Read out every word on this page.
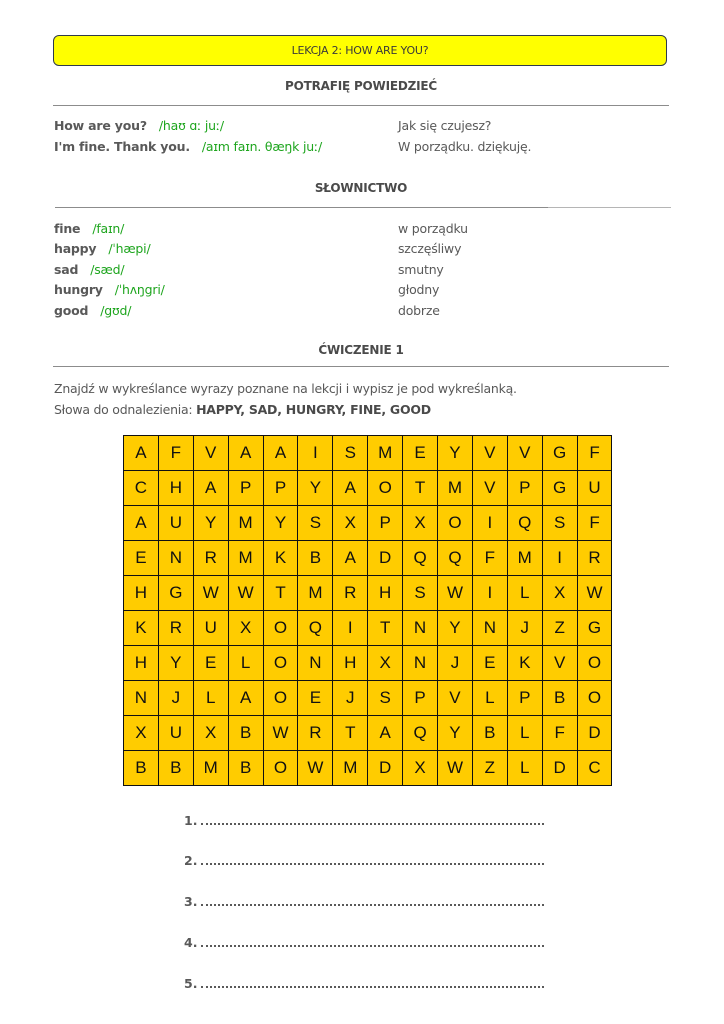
LEKCJA 2: HOW ARE YOU?
POTRAFIĘ POWIEDZIEĆ
How are you? /haʊ ɑː juː/	Jak się czujesz?
I'm fine. Thank you. /aɪm faɪn. θæŋk juː/	W porządku. dziękuję.
SŁOWNICTWO
fine /faɪn/	w porządku
happy /ˈhæpi/	szczęśliwy
sad /sæd/	smutny
hungry /ˈhʌŋgri/	głodny
good /gʊd/	dobrze
ĆWICZENIE 1
Znajdź w wykreślance wyrazy poznane na lekcji i wypisz je pod wykreślanką.
Słowa do odnalezienia: HAPPY, SAD, HUNGRY, FINE, GOOD
A	F	V	A	A	I	S	M	E	Y	V	V	G	F
C	H	A	P	P	Y	A	O	T	M	V	P	G	U
A	U	Y	M	Y	S	X	P	X	O	I	Q	S	F
E	N	R	M	K	B	A	D	Q	Q	F	M	I	R
H	G	W	W	T	M	R	H	S	W	I	L	X	W
K	R	U	X	O	Q	I	T	N	Y	N	J	Z	G
H	Y	E	L	O	N	H	X	N	J	E	K	V	O
N	J	L	A	O	E	J	S	P	V	L	P	B	O
X	U	X	B	W	R	T	A	Q	Y	B	L	F	D
B	B	M	B	O	W	M	D	X	W	Z	L	D	C
1.
2.
3.
4.
5.
